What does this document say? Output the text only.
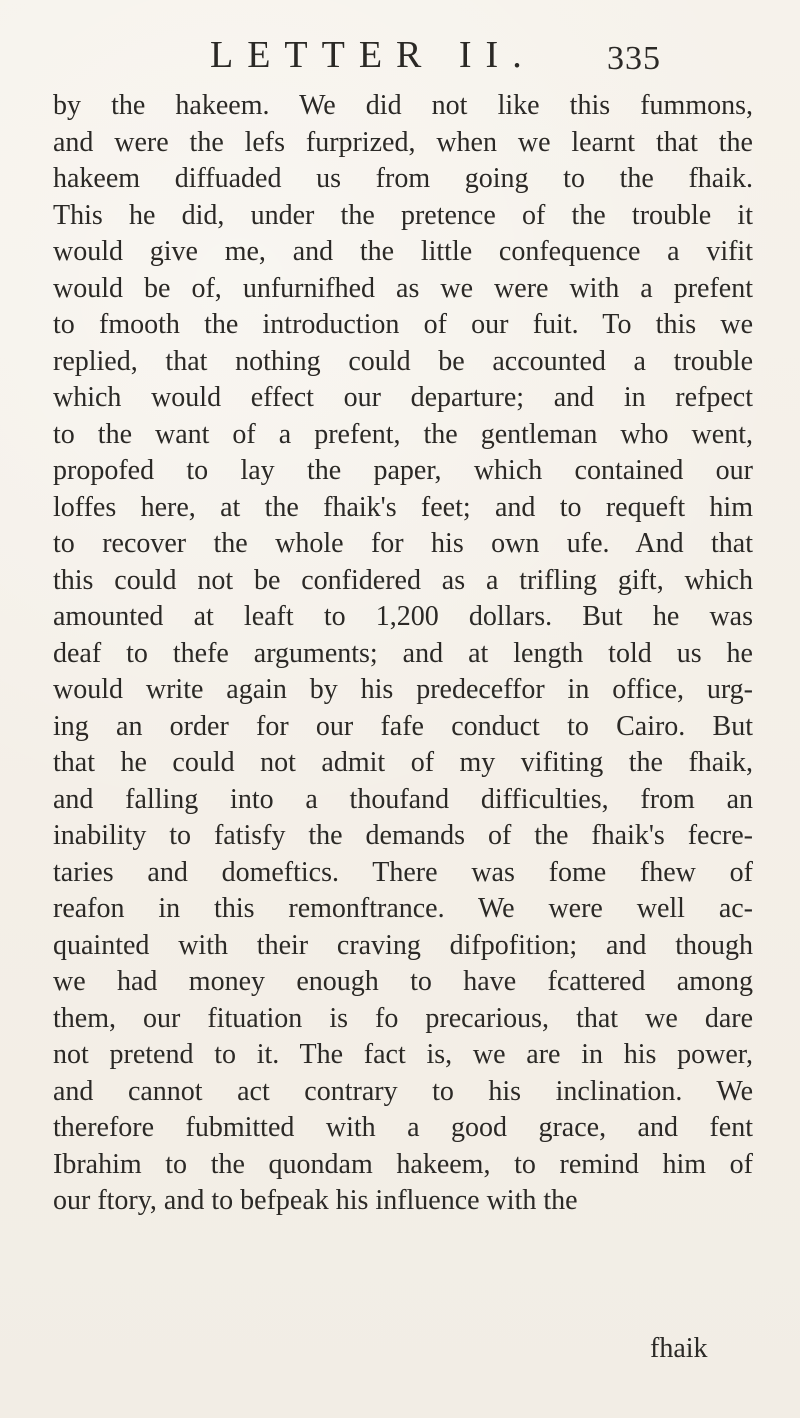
LETTER II.	335
by the hakeem. We did not like this fummons,
and were the lefs furprized, when we learnt that the
hakeem diffuaded us from going to the fhaik.
This he did, under the pretence of the trouble it
would give me, and the little confequence a vifit
would be of, unfurnifhed as we were with a prefent
to fmooth the introduction of our fuit. To this we
replied, that nothing could be accounted a trouble
which would effect our departure; and in refpect
to the want of a prefent, the gentleman who went,
propofed to lay the paper, which contained our
loffes here, at the fhaik's feet; and to requeft him
to recover the whole for his own ufe. And that
this could not be confidered as a trifling gift, which
amounted at leaft to 1,200 dollars. But he was
deaf to thefe arguments; and at length told us he
would write again by his predeceffor in office, urg-
ing an order for our fafe conduct to Cairo. But
that he could not admit of my vifiting the fhaik,
and falling into a thoufand difficulties, from an
inability to fatisfy the demands of the fhaik's fecre-
taries and domeftics. There was fome fhew of
reafon in this remonftrance. We were well ac-
quainted with their craving difpofition; and though
we had money enough to have fcattered among
them, our fituation is fo precarious, that we dare
not pretend to it. The fact is, we are in his power,
and cannot act contrary to his inclination. We
therefore fubmitted with a good grace, and fent
Ibrahim to the quondam hakeem, to remind him of
our ftory, and to befpeak his influence with the
fhaik
